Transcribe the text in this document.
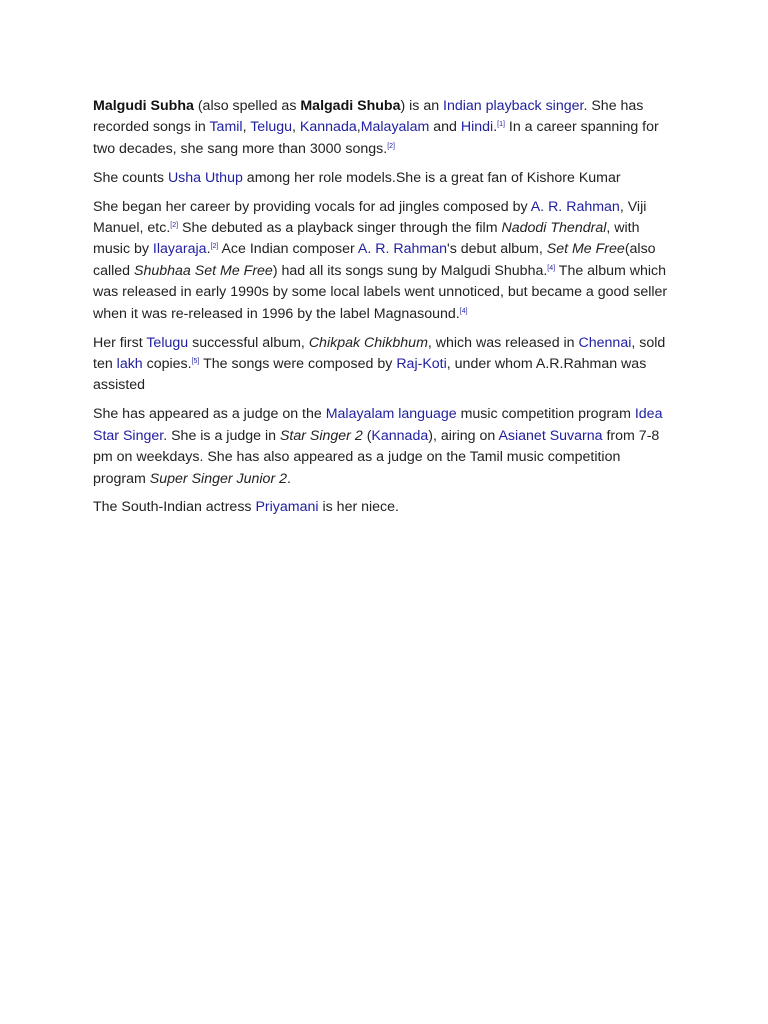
Malgudi Subha (also spelled as Malgadi Shuba) is an Indian playback singer. She has recorded songs in Tamil, Telugu, Kannada,Malayalam and Hindi.[1] In a career spanning for two decades, she sang more than 3000 songs.[2]

She counts Usha Uthup among her role models.She is a great fan of Kishore Kumar

She began her career by providing vocals for ad jingles composed by A. R. Rahman, Viji Manuel, etc.[2] She debuted as a playback singer through the film Nadodi Thendral, with music by Ilayaraja.[2] Ace Indian composer A. R. Rahman's debut album, Set Me Free(also called Shubhaa Set Me Free) had all its songs sung by Malgudi Shubha.[4] The album which was released in early 1990s by some local labels went unnoticed, but became a good seller when it was re-released in 1996 by the label Magnasound.[4]

Her first Telugu successful album, Chikpak Chikbhum, which was released in Chennai, sold ten lakh copies.[5] The songs were composed by Raj-Koti, under whom A.R.Rahman was assisted

She has appeared as a judge on the Malayalam language music competition program Idea Star Singer. She is a judge in Star Singer 2 (Kannada), airing on Asianet Suvarna from 7-8 pm on weekdays. She has also appeared as a judge on the Tamil music competition program Super Singer Junior 2.

The South-Indian actress Priyamani is her niece.
